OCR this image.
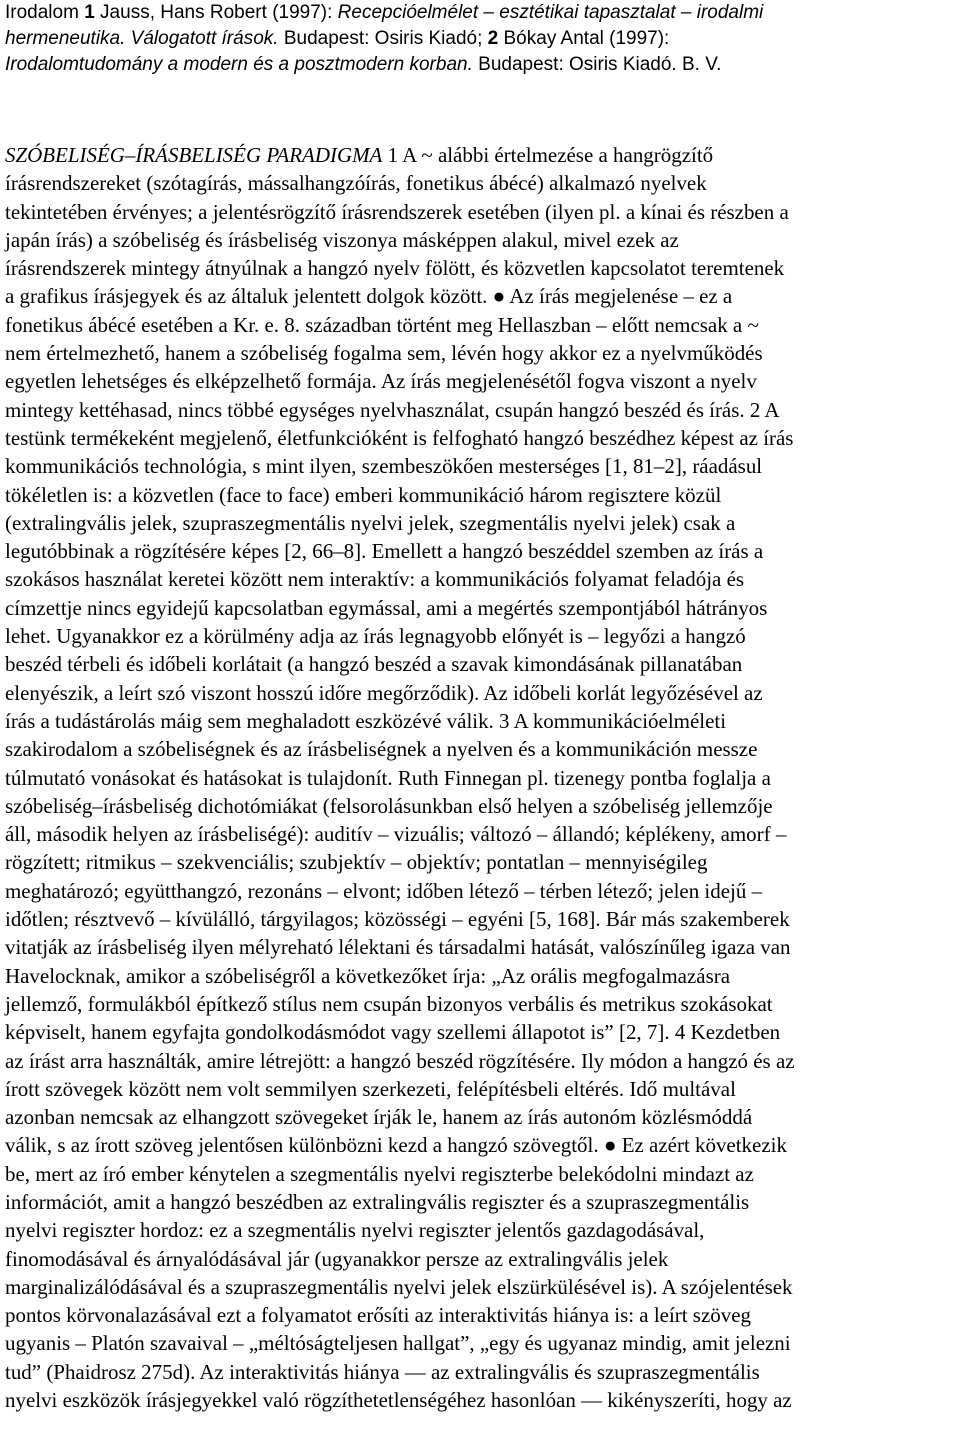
Irodalom 1 Jauss, Hans Robert (1997): Recepcióelmélet – esztétikai tapasztalat – irodalmi
hermeneutika. Válogatott írások. Budapest: Osiris Kiadó; 2 Bókay Antal (1997):
Irodalomtudomány a modern és a posztmodern korban. Budapest: Osiris Kiadó. B. V.
SZÓBELISÉG–ÍRÁSBELISÉG PARADIGMA 1 A ~ alábbi értelmezése a hangrögzítő
írásrendszereket (szótagírás, mássalhangzóírás, fonetikus ábécé) alkalmazó nyelvek
tekintetében érvényes; a jelentésrögzítő írásrendszerek esetében (ilyen pl. a kínai és részben a
japán írás) a szóbeliség és írásbeliség viszonya másképpen alakul, mivel ezek az
írásrendszerek mintegy átnyúlnak a hangzó nyelv fölött, és közvetlen kapcsolatot teremtenek
a grafikus írásjegyek és az általuk jelentett dolgok között. ● Az írás megjelenése – ez a
fonetikus ábécé esetében a Kr. e. 8. században történt meg Hellaszban – előtt nemcsak a ~
nem értelmezhető, hanem a szóbeliség fogalma sem, lévén hogy akkor ez a nyelvműködés
egyetlen lehetséges és elképzelhető formája. Az írás megjelenésétől fogva viszont a nyelv
mintegy kettéhasad, nincs többé egységes nyelvhasználat, csupán hangzó beszéd és írás. 2 A
testünk termékeként megjelenő, életfunkcióként is felfogható hangzó beszédhez képest az írás
kommunikációs technológia, s mint ilyen, szembeszökően mesterséges [1, 81–2], ráadásul
tökéletlen is: a közvetlen (face to face) emberi kommunikáció három regisztere közül
(extralingvális jelek, szupraszegmentális nyelvi jelek, szegmentális nyelvi jelek) csak a
legutóbbinak a rögzítésére képes [2, 66–8]. Emellett a hangzó beszéddel szemben az írás a
szokásos használat keretei között nem interaktív: a kommunikációs folyamat feladója és
címzettje nincs egyidejű kapcsolatban egymással, ami a megértés szempontjából hátrányos
lehet. Ugyanakkor ez a körülmény adja az írás legnagyobb előnyét is – legyőzi a hangzó
beszéd térbeli és időbeli korlátait (a hangzó beszéd a szavak kimondásának pillanatában
elenyészik, a leírt szó viszont hosszú időre megőrződik). Az időbeli korlát legyőzésével az
írás a tudástárolás máig sem meghaladott eszközévé válik. 3 A kommunikációelméleti
szakirodalom a szóbeliségnek és az írásbeliségnek a nyelven és a kommunikáción messze
túlmutató vonásokat és hatásokat is tulajdonít. Ruth Finnegan pl. tizenegy pontba foglalja a
szóbeliség–írásbeliség dichotómiákat (felsorolásunkban első helyen a szóbeliség jellemzője
áll, második helyen az írásbeliségé): auditív – vizuális; változó – állandó; képlékeny, amorf –
rögzített; ritmikus – szekvenciális; szubjektív – objektív; pontatlan – mennyiségileg
meghatározó; együtthangzó, rezonáns – elvont; időben létező – térben létező; jelen idejű –
időtlen; résztvevő – kívülálló, tárgyilagos; közösségi – egyéni [5, 168]. Bár más szakemberek
vitatják az írásbeliség ilyen mélyreható lélektani és társadalmi hatását, valószínűleg igaza van
Havelocknak, amikor a szóbeliségről a következőket írja: „Az orális megfogalmazásra
jellemző, formulákból építkező stílus nem csupán bizonyos verbális és metrikus szokásokat
képviselt, hanem egyfajta gondolkodásmódot vagy szellemi állapotot is” [2, 7]. 4 Kezdetben
az írást arra használták, amire létrejött: a hangzó beszéd rögzítésére. Ily módon a hangzó és az
írott szövegek között nem volt semmilyen szerkezeti, felépítésbeli eltérés. Idő multával
azonban nemcsak az elhangzott szövegeket írják le, hanem az írás autonóm közlésmóddá
válik, s az írott szöveg jelentősen különbözni kezd a hangzó szövegtől. ● Ez azért következik
be, mert az író ember kénytelen a szegmentális nyelvi regiszterbe belekódolni mindazt az
információt, amit a hangzó beszédben az extralingvális regiszter és a szupraszegmentális
nyelvi regiszter hordoz: ez a szegmentális nyelvi regiszter jelentős gazdagodásával,
finomodásával és árnyalódásával jár (ugyanakkor persze az extralingvális jelek
marginalizálódásával és a szupraszegmentális nyelvi jelek elszürkülésével is). A szójelentések
pontos körvonalazásával ezt a folyamatot erősíti az interaktivitás hiánya is: a leírt szöveg
ugyanis – Platón szavaival – „méltóságteljesen hallgat”, „egy és ugyanaz mindig, amit jelezni
tud” (Phaidrosz 275d). Az interaktivitás hiánya — az extralingvális és szupraszegmentális
nyelvi eszközök írásjegyekkel való rögzíthetetlenségéhez hasonlóan — kikényszeríti, hogy az
